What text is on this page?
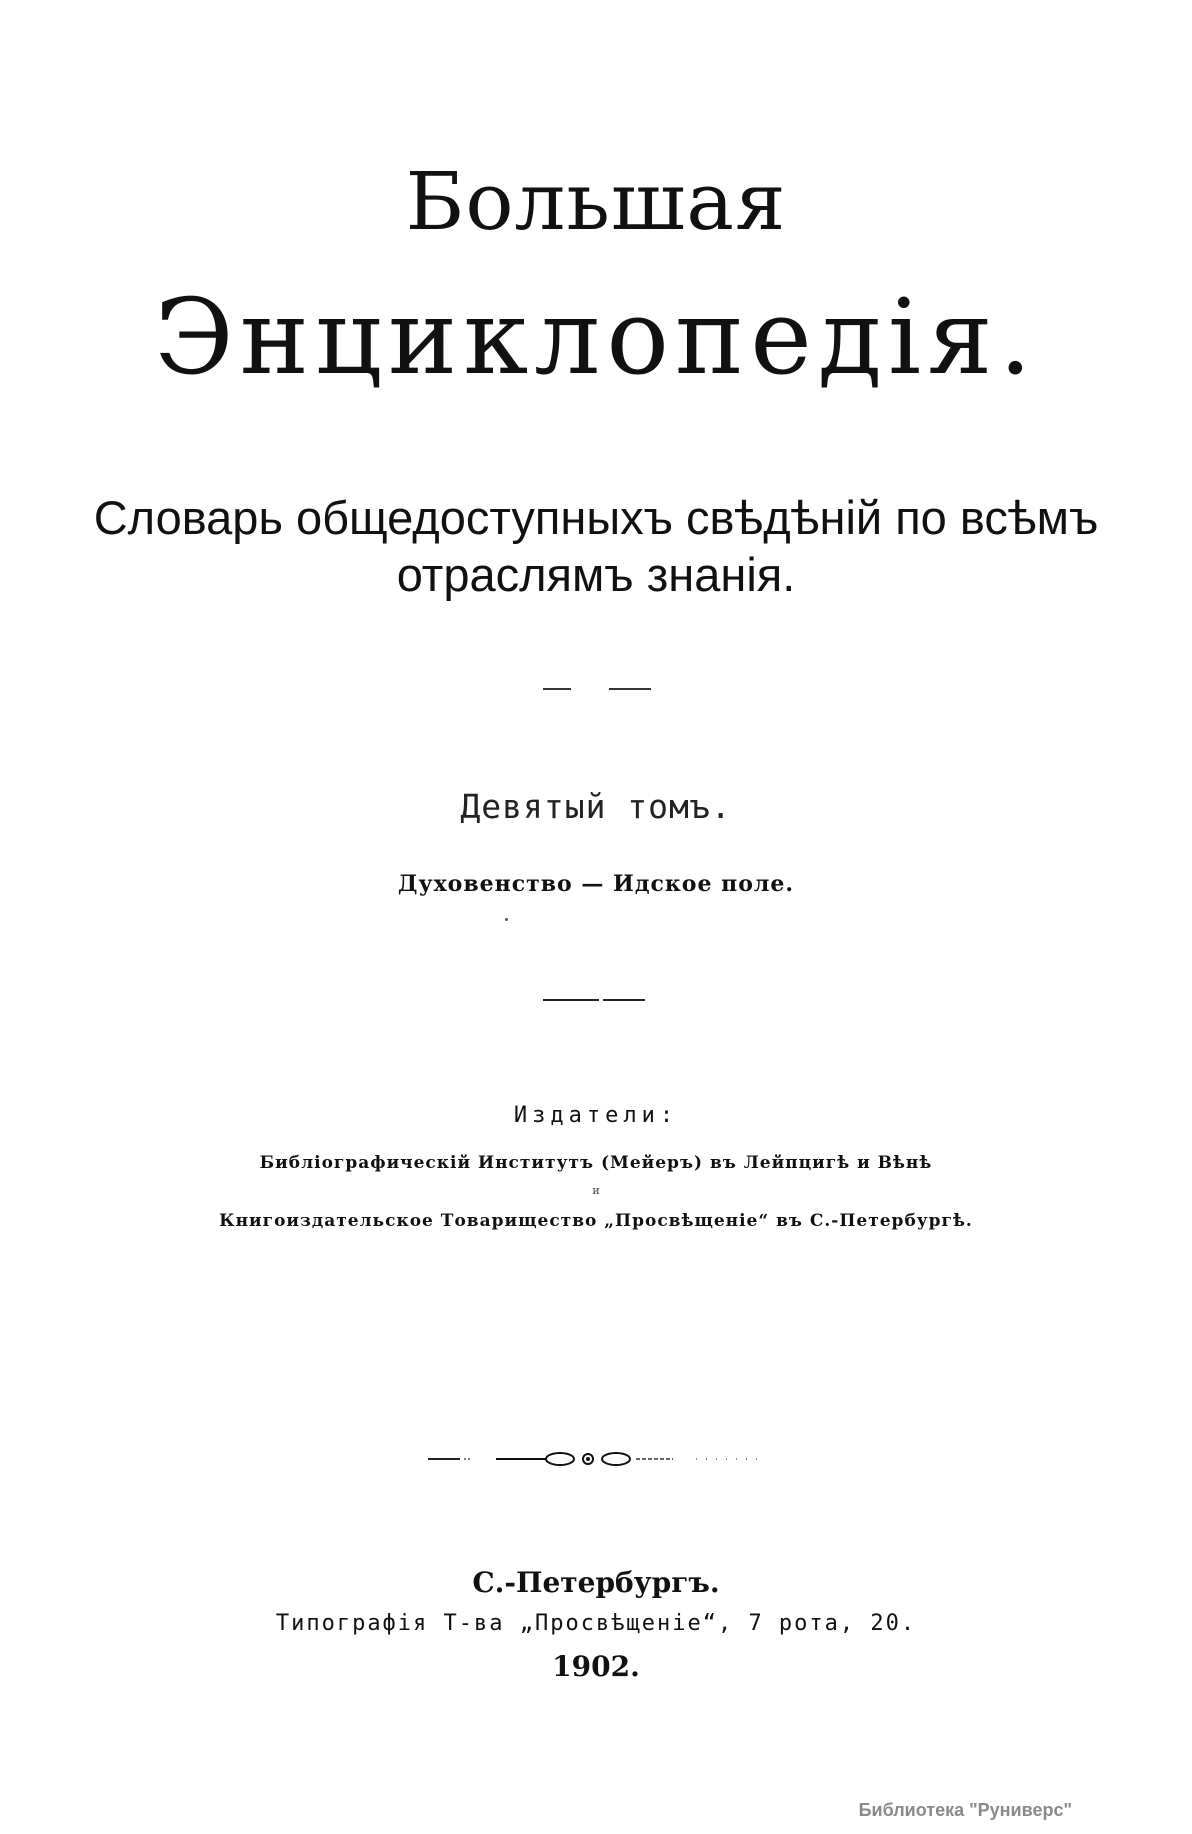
Большая
Энциклопедія.
Словарь общедоступныхъ свѣдѣній по всѣмъ
отраслямъ знанія.
Девятый томъ.
Духовенство — Идское поле.
Издатели:
Библіографическій Институтъ (Мейеръ) въ Лейпцигѣ и Вѣнѣ
и
Книгоиздательское Товарищество „Просвѣщеніе“ въ С.-Петербургѣ.
С.-Петербургъ.
Типографія Т-ва „Просвѣщеніе“, 7 рота, 20.
1902.
Библиотека "Руниверс"
